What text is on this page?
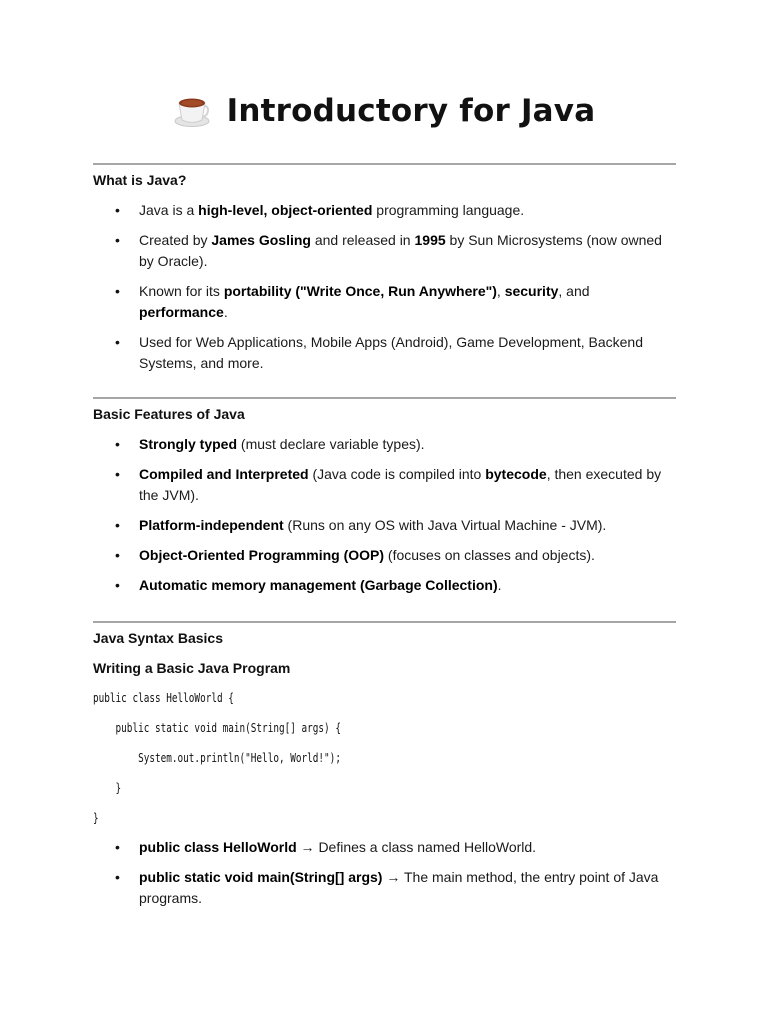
Introductory for Java
What is Java?
• Java is a high-level, object-oriented programming language.
• Created by James Gosling and released in 1995 by Sun Microsystems (now owned by Oracle).
• Known for its portability ("Write Once, Run Anywhere"), security, and performance.
• Used for Web Applications, Mobile Apps (Android), Game Development, Backend Systems, and more.
Basic Features of Java
• Strongly typed (must declare variable types).
• Compiled and Interpreted (Java code is compiled into bytecode, then executed by the JVM).
• Platform-independent (Runs on any OS with Java Virtual Machine - JVM).
• Object-Oriented Programming (OOP) (focuses on classes and objects).
• Automatic memory management (Garbage Collection).
Java Syntax Basics
Writing a Basic Java Program
public class HelloWorld {
public static void main(String[] args) {
System.out.println("Hello, World!");
}
}
• public class HelloWorld → Defines a class named HelloWorld.
• public static void main(String[] args) → The main method, the entry point of Java programs.
